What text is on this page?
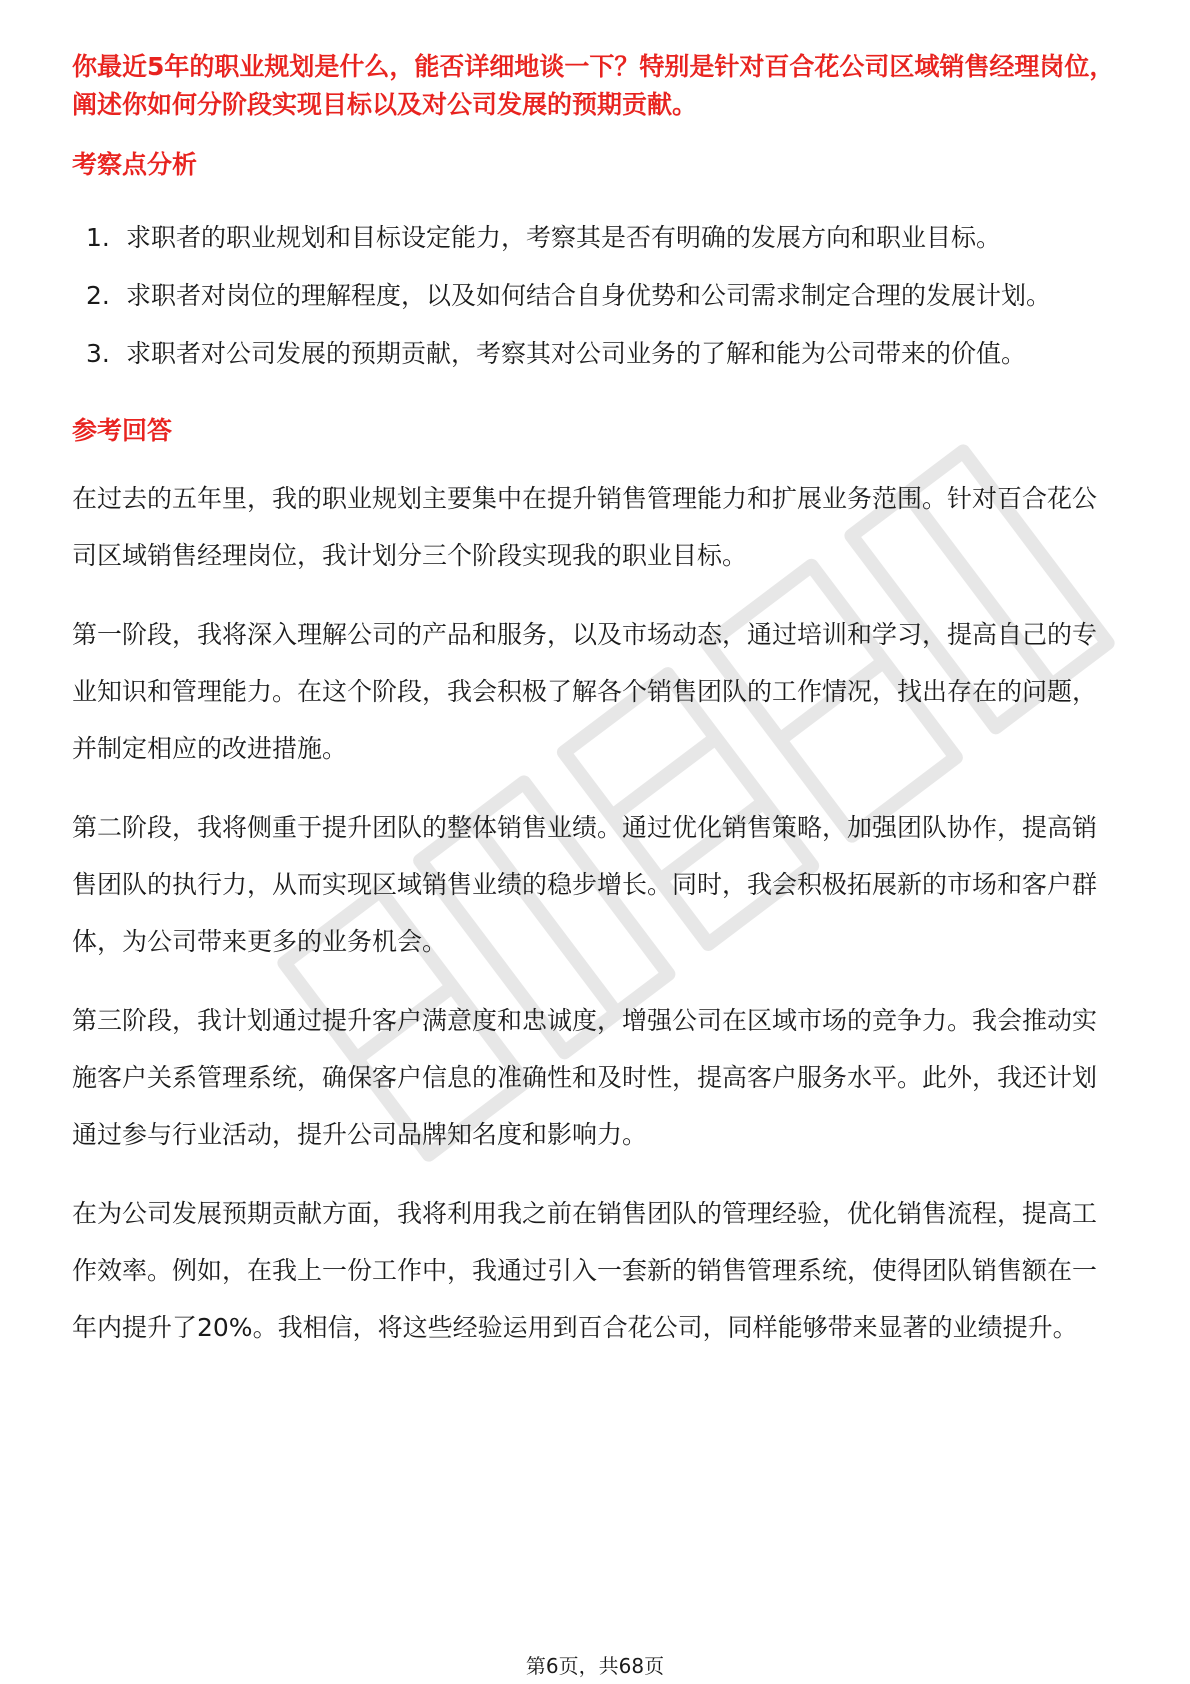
你最近5年的职业规划是什么，能否详细地谈一下？特别是针对百合花公司区域销售经理岗位，阐述你如何分阶段实现目标以及对公司发展的预期贡献。

考察点分析
1. 求职者的职业规划和目标设定能力，考察其是否有明确的发展方向和职业目标。
2. 求职者对岗位的理解程度，以及如何结合自身优势和公司需求制定合理的发展计划。
3. 求职者对公司发展的预期贡献，考察其对公司业务的了解和能为公司带来的价值。
参考回答

在过去的五年里，我的职业规划主要集中在提升销售管理能力和扩展业务范围。针对百合花公司区域销售经理岗位，我计划分三个阶段实现我的职业目标。

第一阶段，我将深入理解公司的产品和服务，以及市场动态，通过培训和学习，提高自己的专业知识和管理能力。在这个阶段，我会积极了解各个销售团队的工作情况，找出存在的问题，并制定相应的改进措施。

第二阶段，我将侧重于提升团队的整体销售业绩。通过优化销售策略，加强团队协作，提高销售团队的执行力，从而实现区域销售业绩的稳步增长。同时，我会积极拓展新的市场和客户群体，为公司带来更多的业务机会。

第三阶段，我计划通过提升客户满意度和忠诚度，增强公司在区域市场的竞争力。我会推动实施客户关系管理系统，确保客户信息的准确性和及时性，提高客户服务水平。此外，我还计划通过参与行业活动，提升公司品牌知名度和影响力。

在为公司发展预期贡献方面，我将利用我之前在销售团队的管理经验，优化销售流程，提高工作效率。例如，在我上一份工作中，我通过引入一套新的销售管理系统，使得团队销售额在一年内提升了20%。我相信，将这些经验运用到百合花公司，同样能够带来显著的业绩提升。

第6页，共68页
